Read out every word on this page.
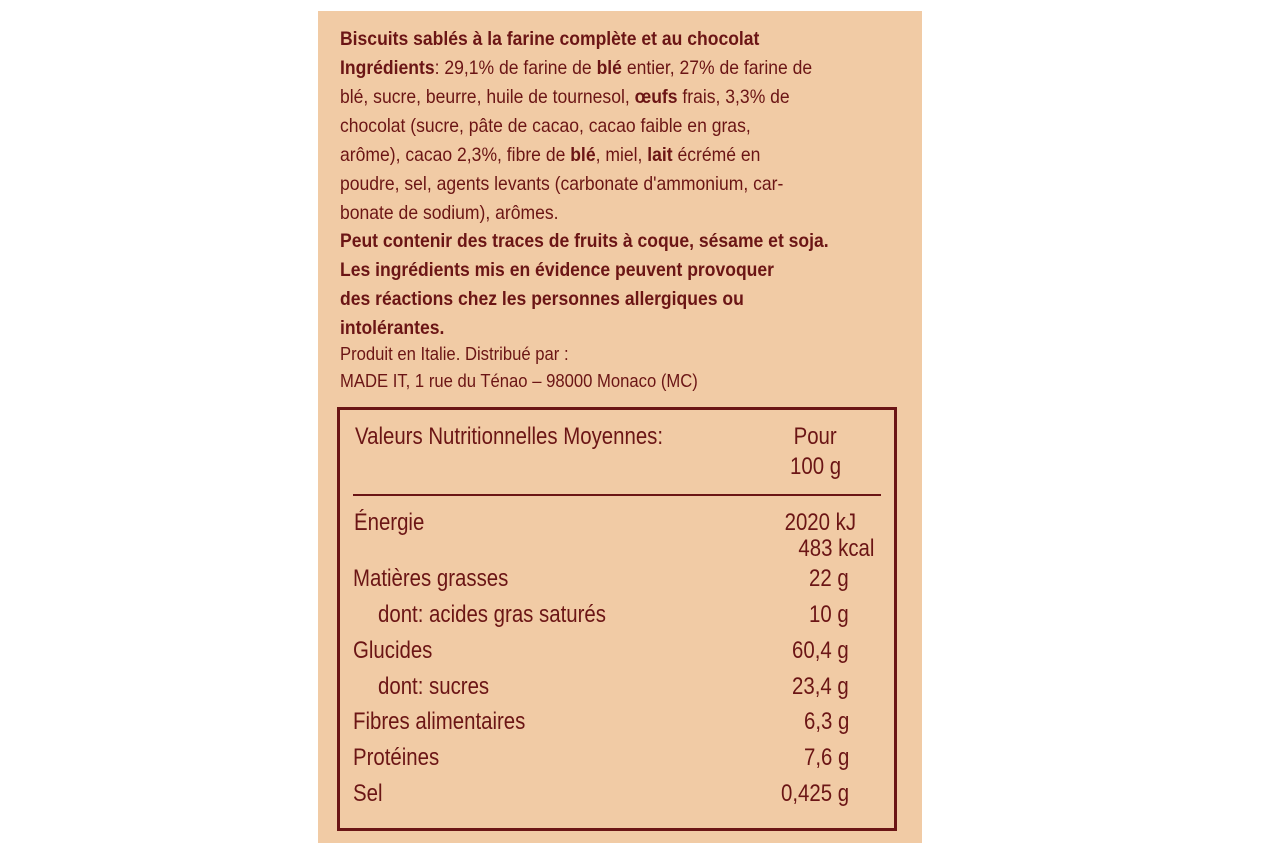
Biscuits sablés à la farine complète et au chocolat
Ingrédients: 29,1% de farine de blé entier, 27% de farine de
blé, sucre, beurre, huile de tournesol, œufs frais, 3,3% de
chocolat (sucre, pâte de cacao, cacao faible en gras,
arôme), cacao 2,3%, fibre de blé, miel, lait écrémé en
poudre, sel, agents levants (carbonate d'ammonium, car-
bonate de sodium), arômes.
Peut contenir des traces de fruits à coque, sésame et soja.
Les ingrédients mis en évidence peuvent provoquer
des réactions chez les personnes allergiques ou
intolérantes.
Produit en Italie. Distribué par :
MADE IT, 1 rue du Ténao – 98000 Monaco (MC)
Valeurs Nutritionnelles Moyennes:	Pour
100 g
Énergie	2020 kJ
483 kcal
Matières grasses	22 g
dont: acides gras saturés	10 g
Glucides	60,4 g
dont: sucres	23,4 g
Fibres alimentaires	6,3 g
Protéines	7,6 g
Sel	0,425 g
